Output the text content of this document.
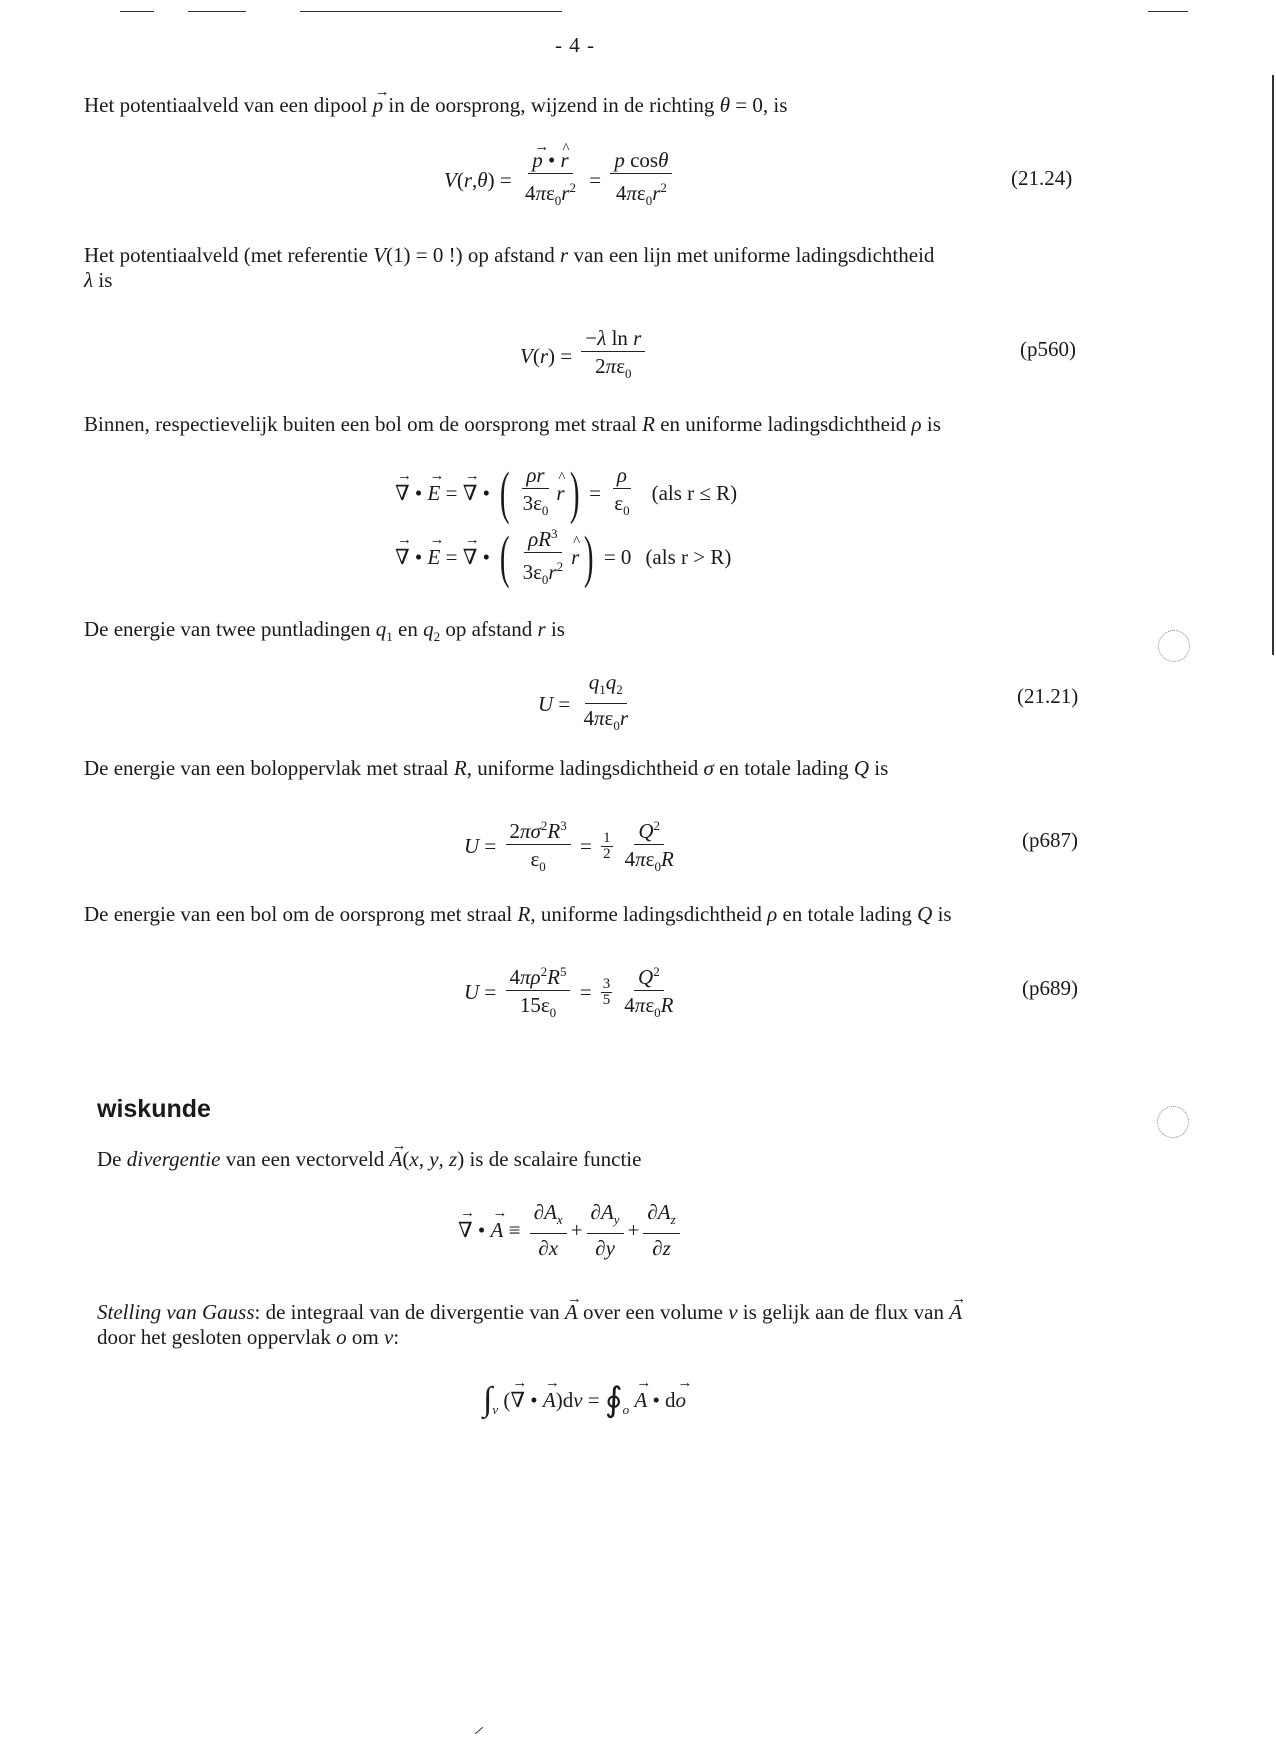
- 4 -
Het potentiaalveld van een dipool → p in de oorsprong, wijzend in de richting θ = 0, is
V ( r , θ ) = → $\frac{p • \^{} r}{4\pi\varepsilon_0r^2} = \frac{\text{p cosθ}}{4\pi\varepsilon_0r^2}$	(21.24)
Het potentiaalveld (met referentie V(1) = 0 !) op afstand r van een lijn met uniforme ladingsdichtheid
λ is
V ( r ) = $\frac{\text{−λ ln r}}{2\pi\varepsilon_0}$	(p560)
Binnen, respectievelijk buiten een bol om de oorsprong met straal R en uniforme ladingsdichtheid ρ is
→ ∇ • → E = → ∇ • ( $\frac{\rho r}{3\varepsilon_0}$ ^ r ) = $\frac{\rho}{\varepsilon_0} (als$ r ≤ R)
→ ∇ • → E = → ∇ • ( $\frac{\rho R^3}{3\varepsilon_0r^2}$ ^ r ) = 0 (als r > R)
De energie van twee puntladingen $q_1$ en $q_2$ op afstand r is
$U = \frac{q_1q_2}{4\pi\varepsilon_0r}$	(21.21)
De energie van een boloppervlak met straal R, uniforme ladingsdichtheid σ en totale lading Q is
$U = \frac{2\pi\sigma^2R^3}{\varepsilon_0} = \frac{1}{2} \frac{Q^2}{4\pi\varepsilon_0R}$	(p687)
De energie van een bol om de oorsprong met straal R, uniforme ladingsdichtheid ρ en totale lading Q is
$U = \frac{4\pi\rho^2R^5}{15\varepsilon_0} = \frac{3}{5} \frac{Q^2}{4\pi\varepsilon_0R}$	(p689)
wiskunde
De divergentie van een vectorveld → A(x, y, z) is de scalaire functie
→ ∇ • → $A \equiv \frac{\partial A_x}{\partial x} + \frac{\partial A_y}{\partial y} + \frac{\partial A_z}{\partial z}$
Stelling van Gauss: de integraal van de divergentie van → A over een volume v is gelijk aan de flux van → A
door het gesloten oppervlak o om v:
∫ $_v$ ( → ∇ • → A )d v = ∮ $_o$
→ A • d → o
